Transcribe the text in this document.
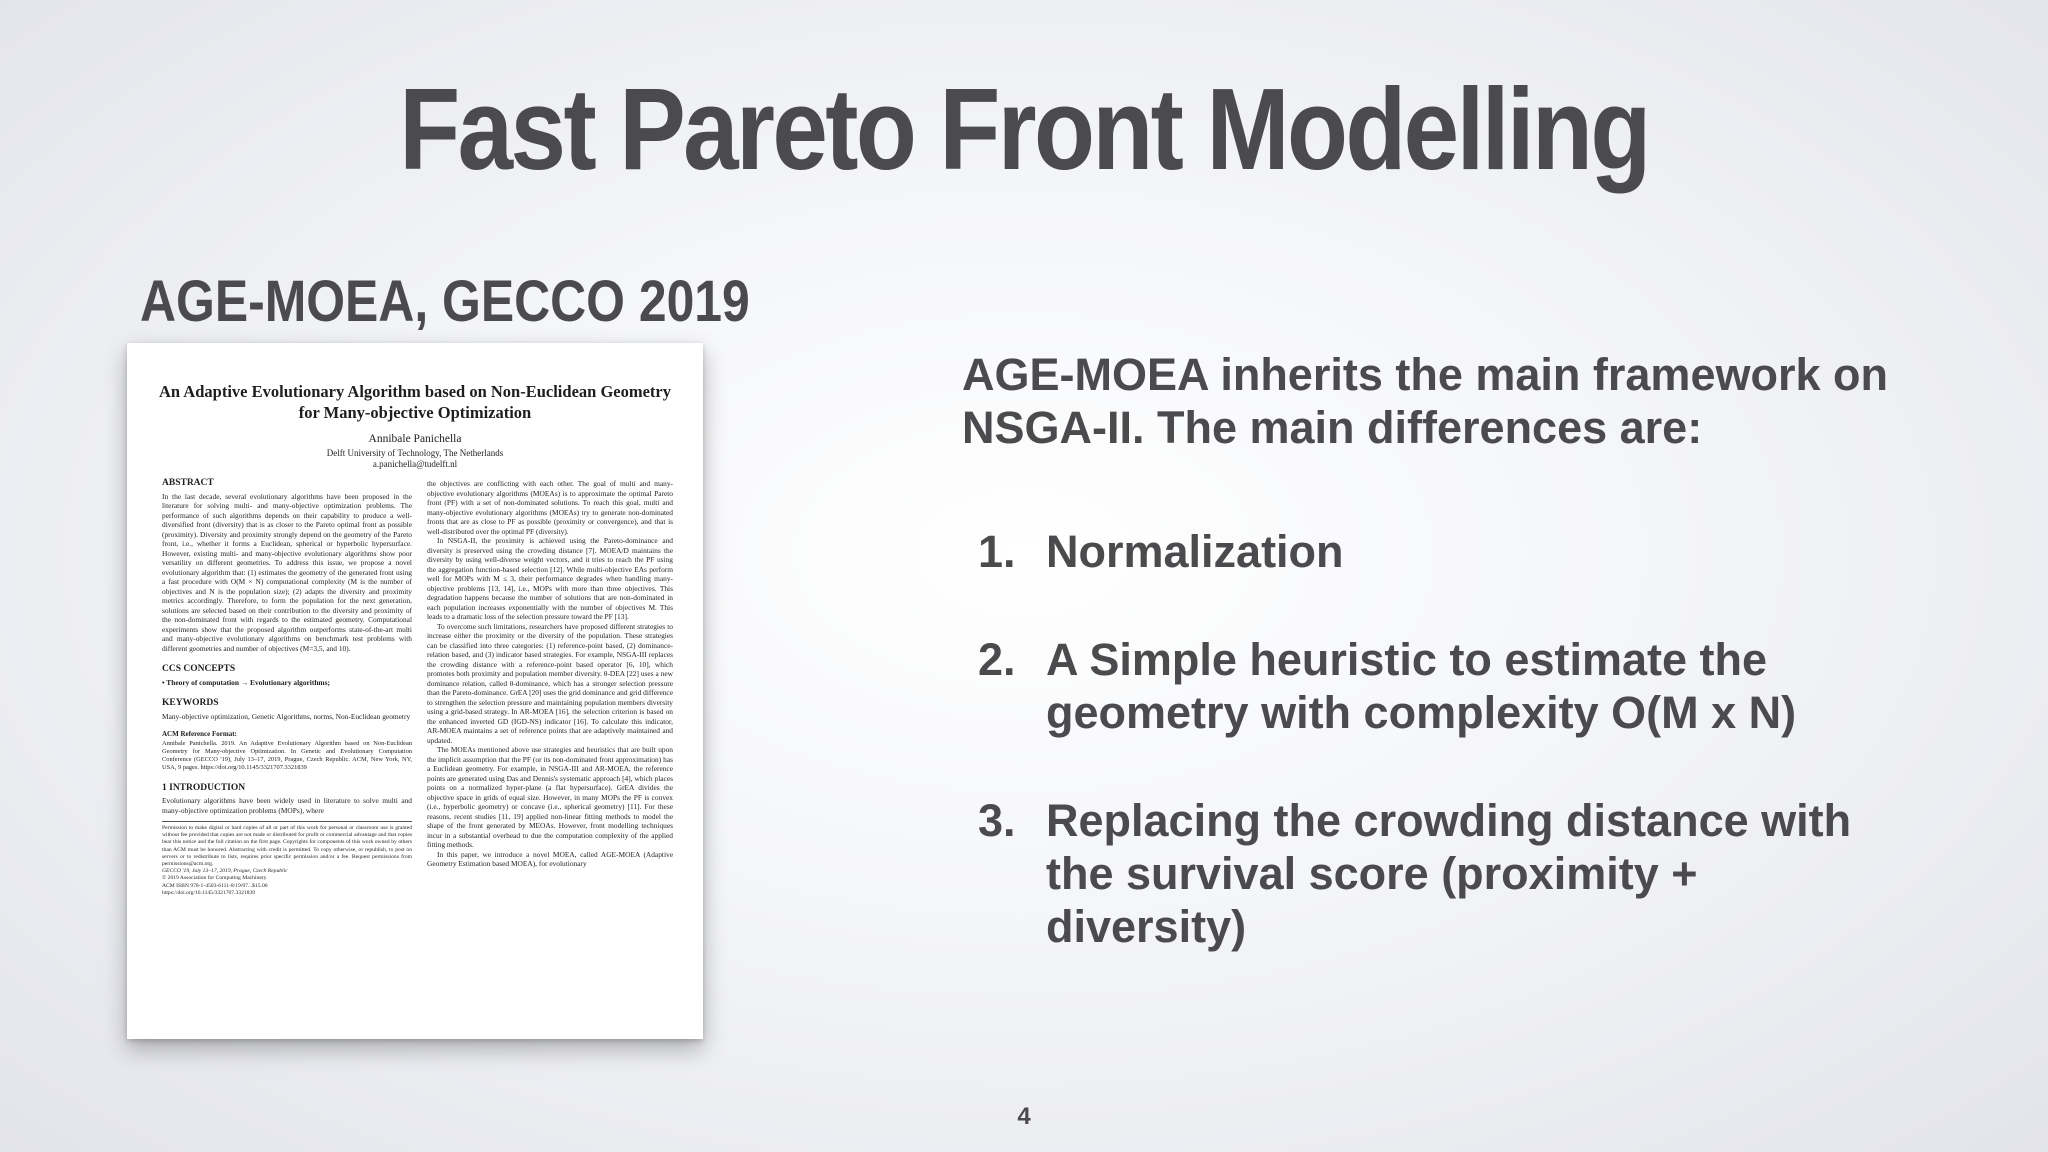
Fast Pareto Front Modelling
AGE-MOEA, GECCO 2019
An Adaptive Evolutionary Algorithm based on Non-Euclidean Geometry for Many-objective Optimization
Annibale Panichella
Delft University of Technology, The Netherlands
a.panichella@tudelft.nl

ABSTRACT

In the last decade, several evolutionary algorithms have been proposed in the literature for solving multi- and many-objective optimization problems. The performance of such algorithms depends on their capability to produce a well-diversified front (diversity) that is as closer to the Pareto optimal front as possible (proximity). Diversity and proximity strongly depend on the geometry of the Pareto front, i.e., whether it forms a Euclidean, spherical or hyperbolic hypersurface. However, existing multi- and many-objective evolutionary algorithms show poor versatility on different geometries. To address this issue, we propose a novel evolutionary algorithm that: (1) estimates the geometry of the generated front using a fast procedure with O(M × N) computational complexity (M is the number of objectives and N is the population size); (2) adapts the diversity and proximity metrics accordingly. Therefore, to form the population for the next generation, solutions are selected based on their contribution to the diversity and proximity of the non-dominated front with regards to the estimated geometry. Computational experiments show that the proposed algorithm outperforms state-of-the-art multi and many-objective evolutionary algorithms on benchmark test problems with different geometries and number of objectives (M=3,5, and 10).

CCS CONCEPTS

• Theory of computation → Evolutionary algorithms;

KEYWORDS

Many-objective optimization, Genetic Algorithms, norms, Non-Euclidean geometry

ACM Reference Format:

Annibale Panichella. 2019. An Adaptive Evolutionary Algorithm based on Non-Euclidean Geometry for Many-objective Optimization. In Genetic and Evolutionary Computation Conference (GECCO '19), July 13–17, 2019, Prague, Czech Republic. ACM, New York, NY, USA, 9 pages. https://doi.org/10.1145/3321707.3321839

1 INTRODUCTION

Evolutionary algorithms have been widely used in literature to solve multi and many-objective optimization problems (MOPs), where

Permission to make digital or hard copies of all or part of this work for personal or classroom use is granted without fee provided that copies are not made or distributed for profit or commercial advantage and that copies bear this notice and the full citation on the first page. Copyrights for components of this work owned by others than ACM must be honored. Abstracting with credit is permitted. To copy otherwise, or republish, to post on servers or to redistribute to lists, requires prior specific permission and/or a fee. Request permissions from permissions@acm.org.

GECCO '19, July 13–17, 2019, Prague, Czech Republic

© 2019 Association for Computing Machinery.

ACM ISBN 978-1-4503-6111-8/19/07...$15.00

https://doi.org/10.1145/3321707.3321839

the objectives are conflicting with each other. The goal of multi and many-objective evolutionary algorithms (MOEAs) is to approximate the optimal Pareto front (PF) with a set of non-dominated solutions. To reach this goal, multi and many-objective evolutionary algorithms (MOEAs) try to generate non-dominated fronts that are as close to PF as possible (proximity or convergence), and that is well-distributed over the optimal PF (diversity).

In NSGA-II, the proximity is achieved using the Pareto-dominance and diversity is preserved using the crowding distance [7]. MOEA/D maintains the diversity by using well-diverse weight vectors, and it tries to reach the PF using the aggregation function-based selection [12]. While multi-objective EAs perform well for MOPs with M ≤ 3, their performance degrades when handling many-objective problems [13, 14], i.e., MOPs with more than three objectives. This degradation happens because the number of solutions that are non-dominated in each population increases exponentially with the number of objectives M. This leads to a dramatic loss of the selection pressure toward the PF [13].

To overcome such limitations, researchers have proposed different strategies to increase either the proximity or the diversity of the population. These strategies can be classified into three categories: (1) reference-point based, (2) dominance-relation based, and (3) indicator based strategies. For example, NSGA-III replaces the crowding distance with a reference-point based operator [6, 10], which promotes both proximity and population member diversity. θ-DEA [22] uses a new dominance relation, called θ-dominance, which has a stronger selection pressure than the Pareto-dominance. GrEA [20] uses the grid dominance and grid difference to strengthen the selection pressure and maintaining population members diversity using a grid-based strategy. In AR-MOEA [16], the selection criterion is based on the enhanced inverted GD (IGD-NS) indicator [16]. To calculate this indicator, AR-MOEA maintains a set of reference points that are adaptively maintained and updated.

The MOEAs mentioned above use strategies and heuristics that are built upon the implicit assumption that the PF (or its non-dominated front approximation) has a Euclidean geometry. For example, in NSGA-III and AR-MOEA, the reference points are generated using Das and Dennis's systematic approach [4], which places points on a normalized hyper-plane (a flat hypersurface). GrEA divides the objective space in grids of equal size. However, in many MOPs the PF is convex (i.e., hyperbolic geometry) or concave (i.e., spherical geometry) [11]. For these reasons, recent studies [11, 19] applied non-linear fitting methods to model the shape of the front generated by MEOAs. However, front modelling techniques incur in a substantial overhead to due the computation complexity of the applied fitting methods.

In this paper, we introduce a novel MOEA, called AGE-MOEA (Adaptive Geometry Estimation based MOEA), for evolutionary

AGE-MOEA inherits the main framework on NSGA-II. The main differences are:
1. Normalization
2. A Simple heuristic to estimate the geometry with complexity O(M x N)
3. Replacing the crowding distance with the survival score (proximity + diversity)
4
